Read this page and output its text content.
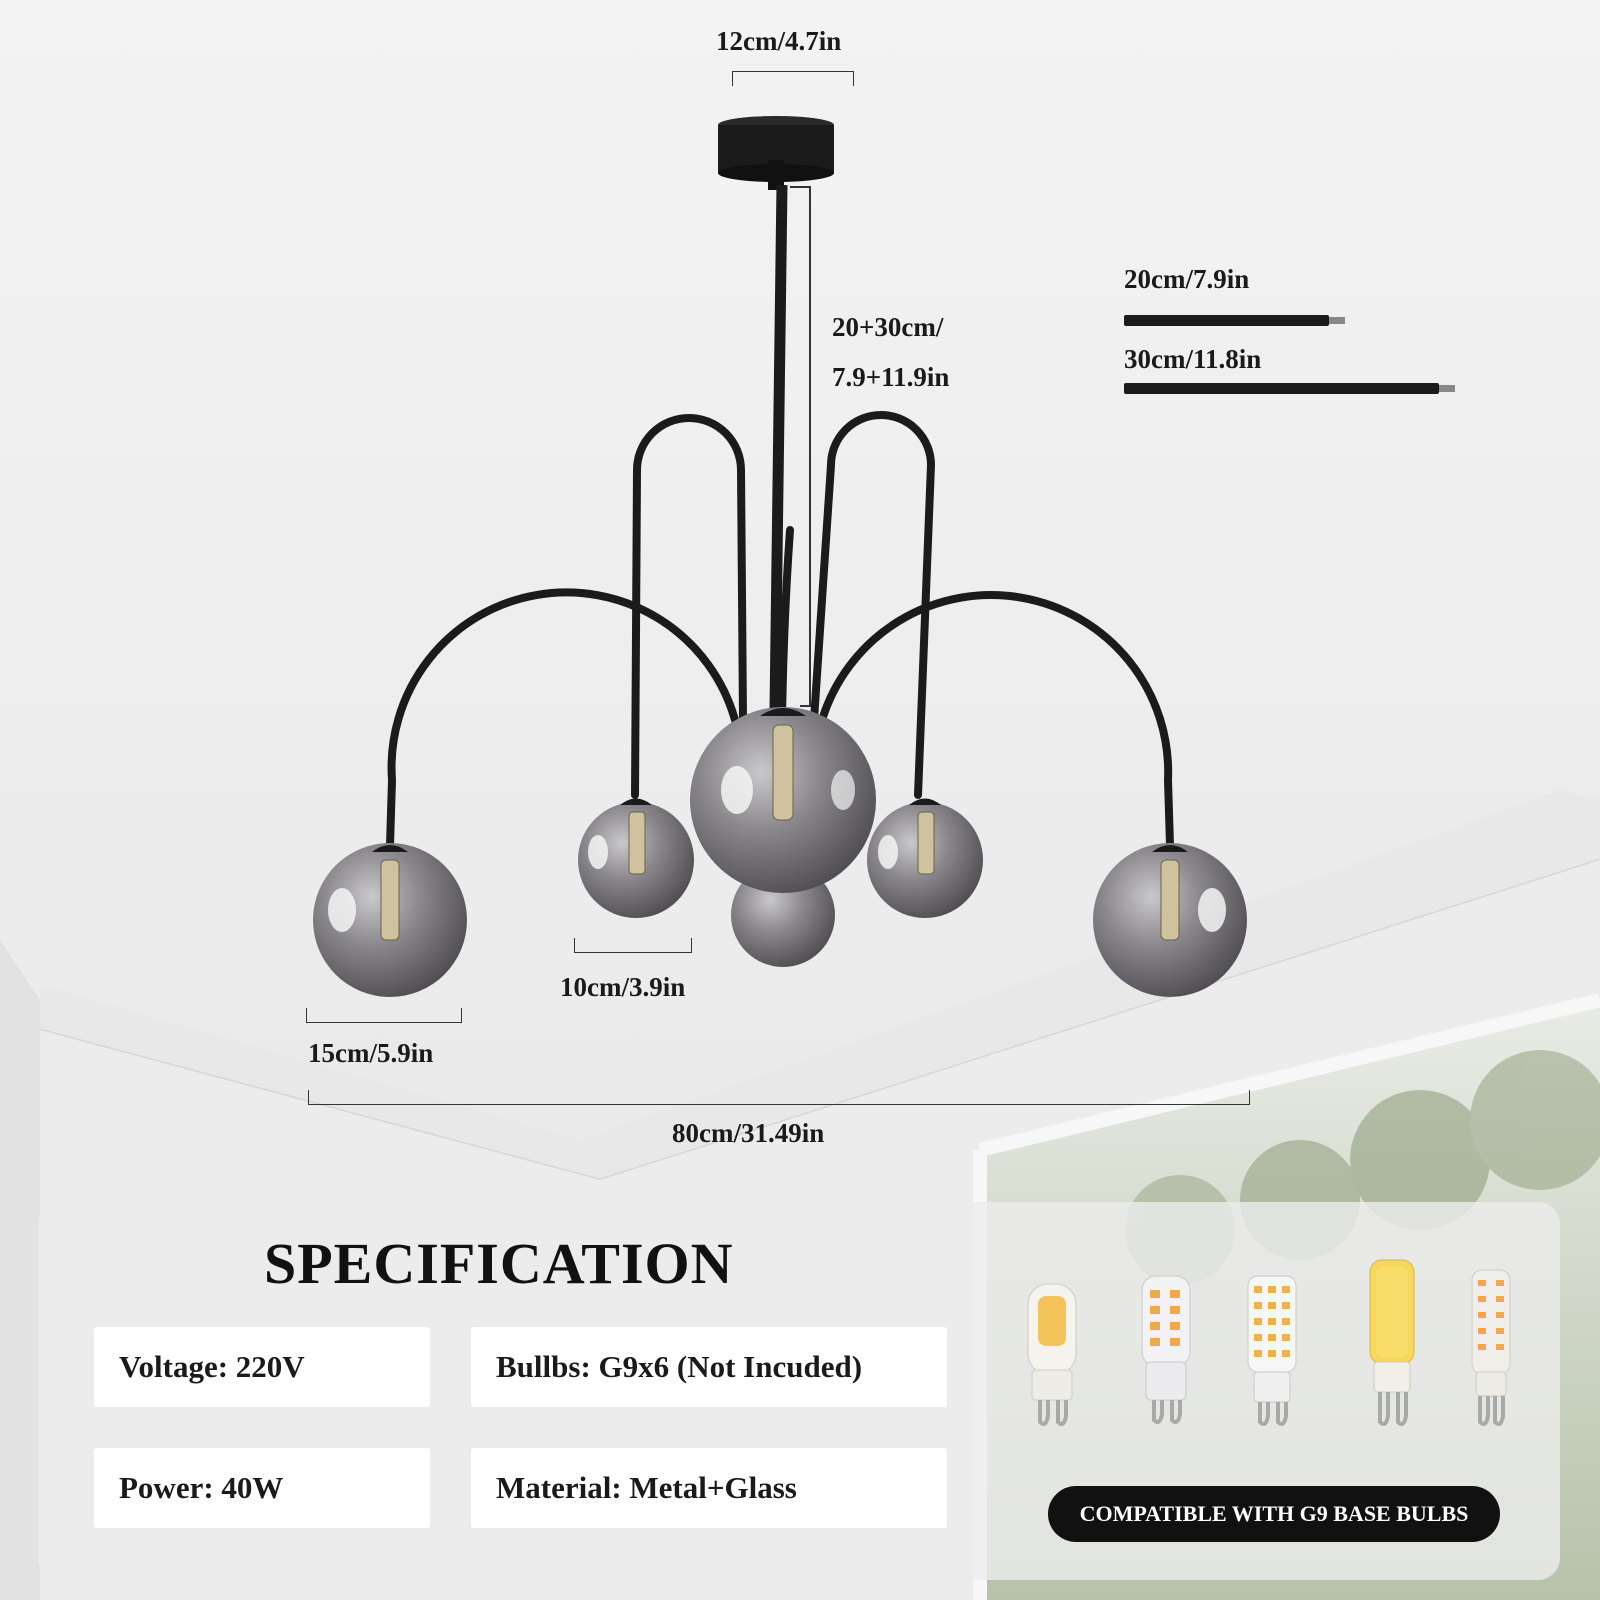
12cm/4.7in
20+30cm/
7.9+11.9in
20cm/7.9in
30cm/11.8in
10cm/3.9in
15cm/5.9in
80cm/31.49in
SPECIFICATION
Voltage: 220V	Bullbs: G9x6 (Not Incuded)
Power: 40W	Material: Metal+Glass
COMPATIBLE WITH G9 BASE BULBS
